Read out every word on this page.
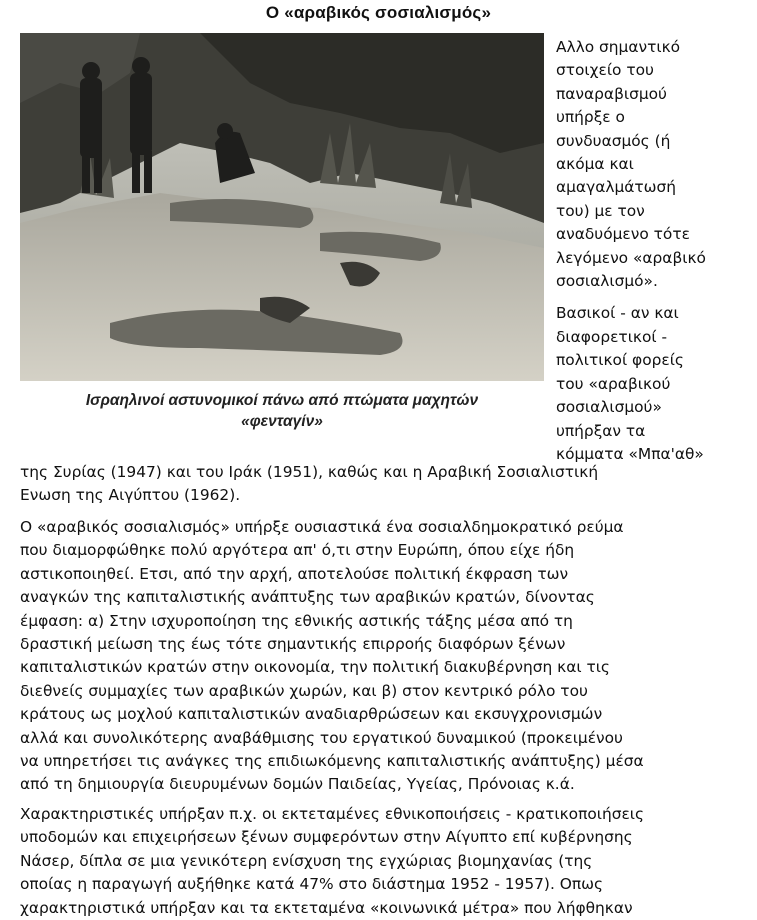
Ο «αραβικός σοσιαλισμός»
Ισραηλινοί αστυνομικοί πάνω από πτώματα μαχητών
«φενταγίν»

Αλλο σημαντικό
στοιχείο του
παναραβισμού
υπήρξε ο
συνδυασμός (ή
ακόμα και
αμαγαλμάτωσή
του) με τον
αναδυόμενο τότε
λεγόμενο «αραβικό
σοσιαλισμό».

Βασικοί - αν και
διαφορετικοί -
πολιτικοί φορείς
του «αραβικού
σοσιαλισμού»
υπήρξαν τα
κόμματα «Μπα'αθ»

της Συρίας (1947) και του Ιράκ (1951), καθώς και η Αραβική Σοσιαλιστική
Ενωση της Αιγύπτου (1962).

Ο «αραβικός σοσιαλισμός» υπήρξε ουσιαστικά ένα σοσιαλδημοκρατικό ρεύμα
που διαμορφώθηκε πολύ αργότερα απ' ό,τι στην Ευρώπη, όπου είχε ήδη
αστικοποιηθεί. Ετσι, από την αρχή, αποτελούσε πολιτική έκφραση των
αναγκών της καπιταλιστικής ανάπτυξης των αραβικών κρατών, δίνοντας
έμφαση: α) Στην ισχυροποίηση της εθνικής αστικής τάξης μέσα από τη
δραστική μείωση της έως τότε σημαντικής επιρροής διαφόρων ξένων
καπιταλιστικών κρατών στην οικονομία, την πολιτική διακυβέρνηση και τις
διεθνείς συμμαχίες των αραβικών χωρών, και β) στον κεντρικό ρόλο του
κράτους ως μοχλού καπιταλιστικών αναδιαρθρώσεων και εκσυγχρονισμών
αλλά και συνολικότερης αναβάθμισης του εργατικού δυναμικού (προκειμένου
να υπηρετήσει τις ανάγκες της επιδιωκόμενης καπιταλιστικής ανάπτυξης) μέσα
από τη δημιουργία διευρυμένων δομών Παιδείας, Υγείας, Πρόνοιας κ.ά.

Χαρακτηριστικές υπήρξαν π.χ. οι εκτεταμένες εθνικοποιήσεις - κρατικοποιήσεις
υποδομών και επιχειρήσεων ξένων συμφερόντων στην Αίγυπτο επί κυβέρνησης
Νάσερ, δίπλα σε μια γενικότερη ενίσχυση της εγχώριας βιομηχανίας (της
οποίας η παραγωγή αυξήθηκε κατά 47% στο διάστημα 1952 - 1957). Οπως
χαρακτηριστικά υπήρξαν και τα εκτεταμένα «κοινωνικά μέτρα» που λήφθηκαν
